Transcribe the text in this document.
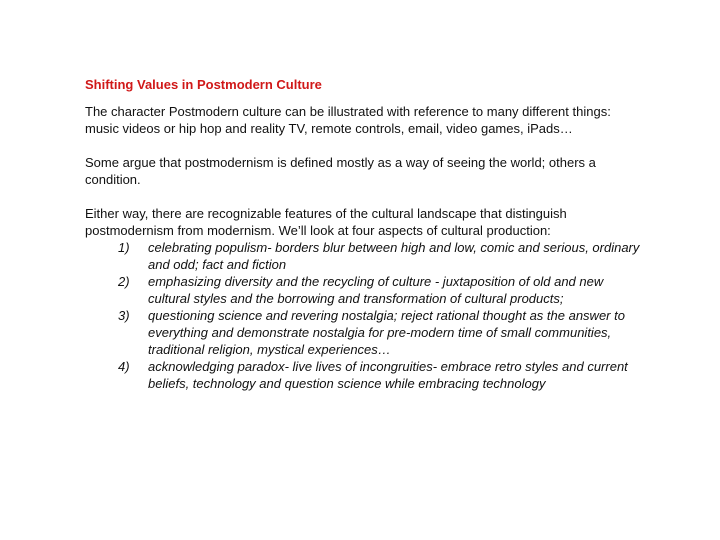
Shifting Values in Postmodern Culture

The character Postmodern culture can be illustrated with reference to many different things: music videos or hip hop and reality TV, remote controls, email, video games, iPads…

Some argue that postmodernism is defined mostly as a way of seeing the world; others a condition.

Either way, there are recognizable features of the cultural landscape that distinguish postmodernism from modernism. We’ll look at four aspects of cultural production:

1) celebrating populism- borders blur between high and low, comic and serious, ordinary and odd; fact and fiction
2) emphasizing diversity and the recycling of culture - juxtaposition of old and new cultural styles and the borrowing and transformation of cultural products;
3) questioning science and revering nostalgia; reject rational thought as the answer to everything and demonstrate nostalgia for pre-modern time of small communities, traditional religion, mystical experiences…
4) acknowledging paradox- live lives of incongruities- embrace retro styles and current beliefs, technology and question science while embracing technology
